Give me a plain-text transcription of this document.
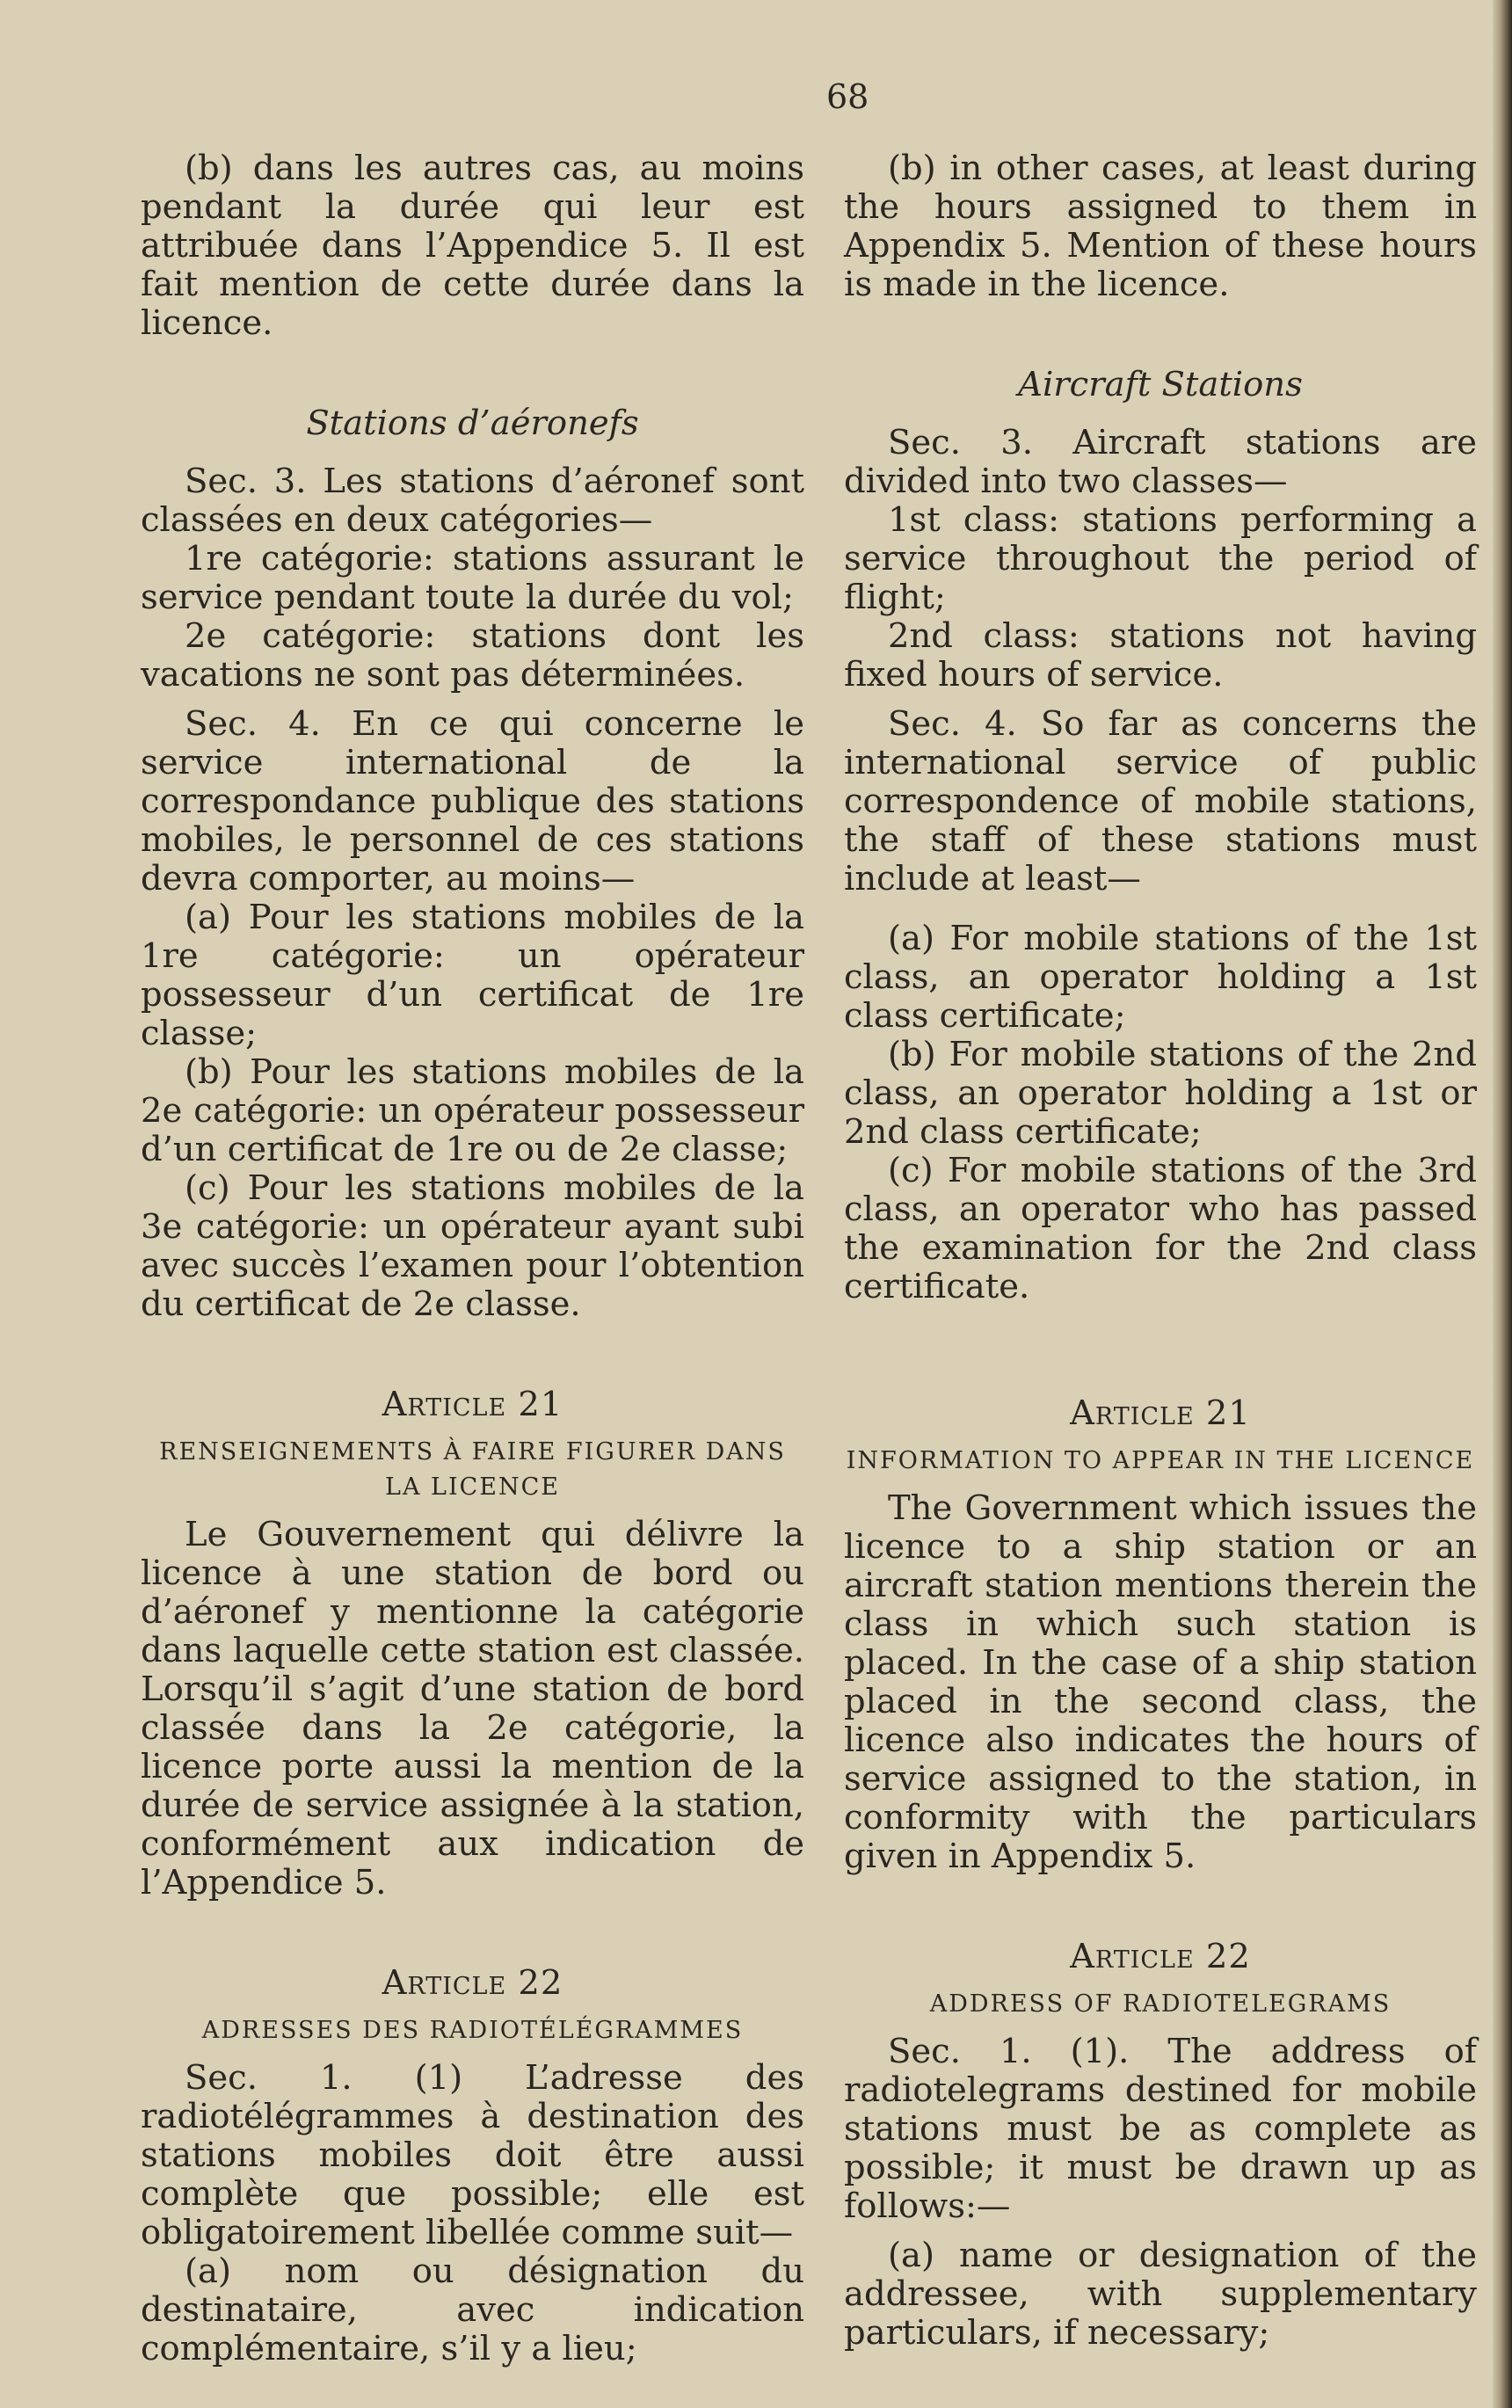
68

(b) dans les autres cas, au moins pendant la durée qui leur est attribuée dans l’Appendice 5. Il est fait mention de cette durée dans la licence.

Stations d’aéronefs

Sec. 3. Les stations d’aéronef sont classées en deux catégories—

1re catégorie: stations assurant le service pendant toute la durée du vol;

2e catégorie: stations dont les vacations ne sont pas déterminées.

Sec. 4. En ce qui concerne le service international de la correspondance publique des stations mobiles, le personnel de ces stations devra comporter, au moins—

(a) Pour les stations mobiles de la 1re catégorie: un opérateur possesseur d’un certificat de 1re classe;

(b) Pour les stations mobiles de la 2e catégorie: un opérateur possesseur d’un certificat de 1re ou de 2e classe;

(c) Pour les stations mobiles de la 3e catégorie: un opérateur ayant subi avec succès l’examen pour l’obtention du certificat de 2e classe.

Article 21

RENSEIGNEMENTS À FAIRE FIGURER DANS LA LICENCE

Le Gouvernement qui délivre la licence à une station de bord ou d’aéronef y mentionne la catégorie dans laquelle cette station est classée. Lorsqu’il s’agit d’une station de bord classée dans la 2e catégorie, la licence porte aussi la mention de la durée de service assignée à la station, conformément aux indication de l’Appendice 5.

Article 22

ADRESSES DES RADIOTÉLÉGRAMMES

Sec. 1. (1) L’adresse des radiotélégrammes à destination des stations mobiles doit être aussi complète que possible; elle est obligatoirement libellée comme suit—

(a) nom ou désignation du destinataire, avec indication complémentaire, s’il y a lieu;

(b) in other cases, at least during the hours assigned to them in Appendix 5. Mention of these hours is made in the licence.

Aircraft Stations

Sec. 3. Aircraft stations are divided into two classes—

1st class: stations performing a service throughout the period of flight;

2nd class: stations not having fixed hours of service.

Sec. 4. So far as concerns the international service of public correspondence of mobile stations, the staff of these stations must include at least—

(a) For mobile stations of the 1st class, an operator holding a 1st class certificate;

(b) For mobile stations of the 2nd class, an operator holding a 1st or 2nd class certificate;

(c) For mobile stations of the 3rd class, an operator who has passed the examination for the 2nd class certificate.

Article 21

INFORMATION TO APPEAR IN THE LICENCE

The Government which issues the licence to a ship station or an aircraft station mentions therein the class in which such station is placed. In the case of a ship station placed in the second class, the licence also indicates the hours of service assigned to the station, in conformity with the particulars given in Appendix 5.

Article 22

ADDRESS OF RADIOTELEGRAMS

Sec. 1. (1). The address of radiotelegrams destined for mobile stations must be as complete as possible; it must be drawn up as follows:—

(a) name or designation of the addressee, with supplementary particulars, if necessary;
